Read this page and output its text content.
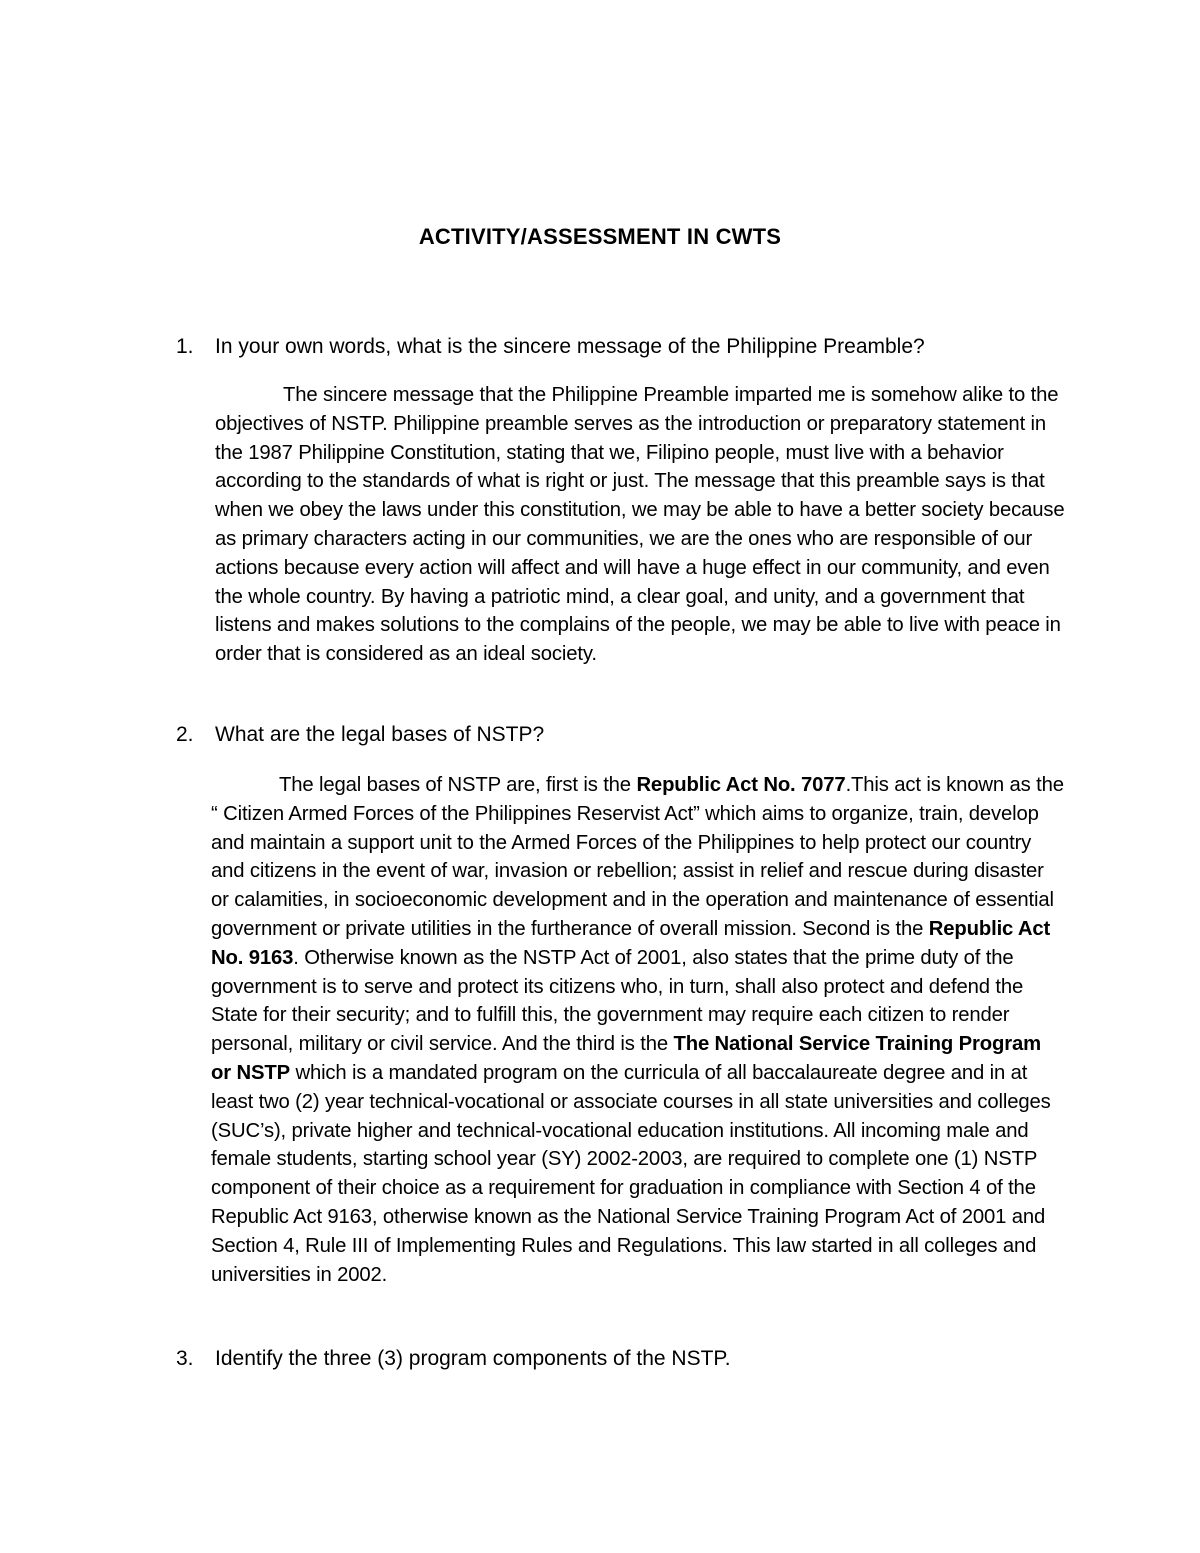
ACTIVITY/ASSESSMENT IN CWTS
1. In your own words, what is the sincere message of the Philippine Preamble?
The sincere message that the Philippine Preamble imparted me is somehow alike to the objectives of NSTP. Philippine preamble serves as the introduction or preparatory statement in the 1987 Philippine Constitution, stating that we, Filipino people, must live with a behavior according to the standards of what is right or just. The message that this preamble says is that when we obey the laws under this constitution, we may be able to have a better society because as primary characters acting in our communities, we are the ones who are responsible of our actions because every action will affect and will have a huge effect in our community, and even the whole country. By having a patriotic mind, a clear goal, and unity, and a government that listens and makes solutions to the complains of the people, we may be able to live with peace in order that is considered as an ideal society.
2. What are the legal bases of NSTP?
The legal bases of NSTP are, first is the Republic Act No. 7077.This act is known as the “ Citizen Armed Forces of the Philippines Reservist Act” which aims to organize, train, develop and maintain a support unit to the Armed Forces of the Philippines to help protect our country and citizens in the event of war, invasion or rebellion; assist in relief and rescue during disaster or calamities, in socioeconomic development and in the operation and maintenance of essential government or private utilities in the furtherance of overall mission. Second is the Republic Act No. 9163. Otherwise known as the NSTP Act of 2001, also states that the prime duty of the government is to serve and protect its citizens who, in turn, shall also protect and defend the State for their security; and to fulfill this, the government may require each citizen to render personal, military or civil service. And the third is the The National Service Training Program or NSTP which is a mandated program on the curricula of all baccalaureate degree and in at least two (2) year technical-vocational or associate courses in all state universities and colleges (SUC’s), private higher and technical-vocational education institutions. All incoming male and female students, starting school year (SY) 2002-2003, are required to complete one (1) NSTP component of their choice as a requirement for graduation in compliance with Section 4 of the Republic Act 9163, otherwise known as the National Service Training Program Act of 2001 and Section 4, Rule III of Implementing Rules and Regulations. This law started in all colleges and universities in 2002.
3. Identify the three (3) program components of the NSTP.
